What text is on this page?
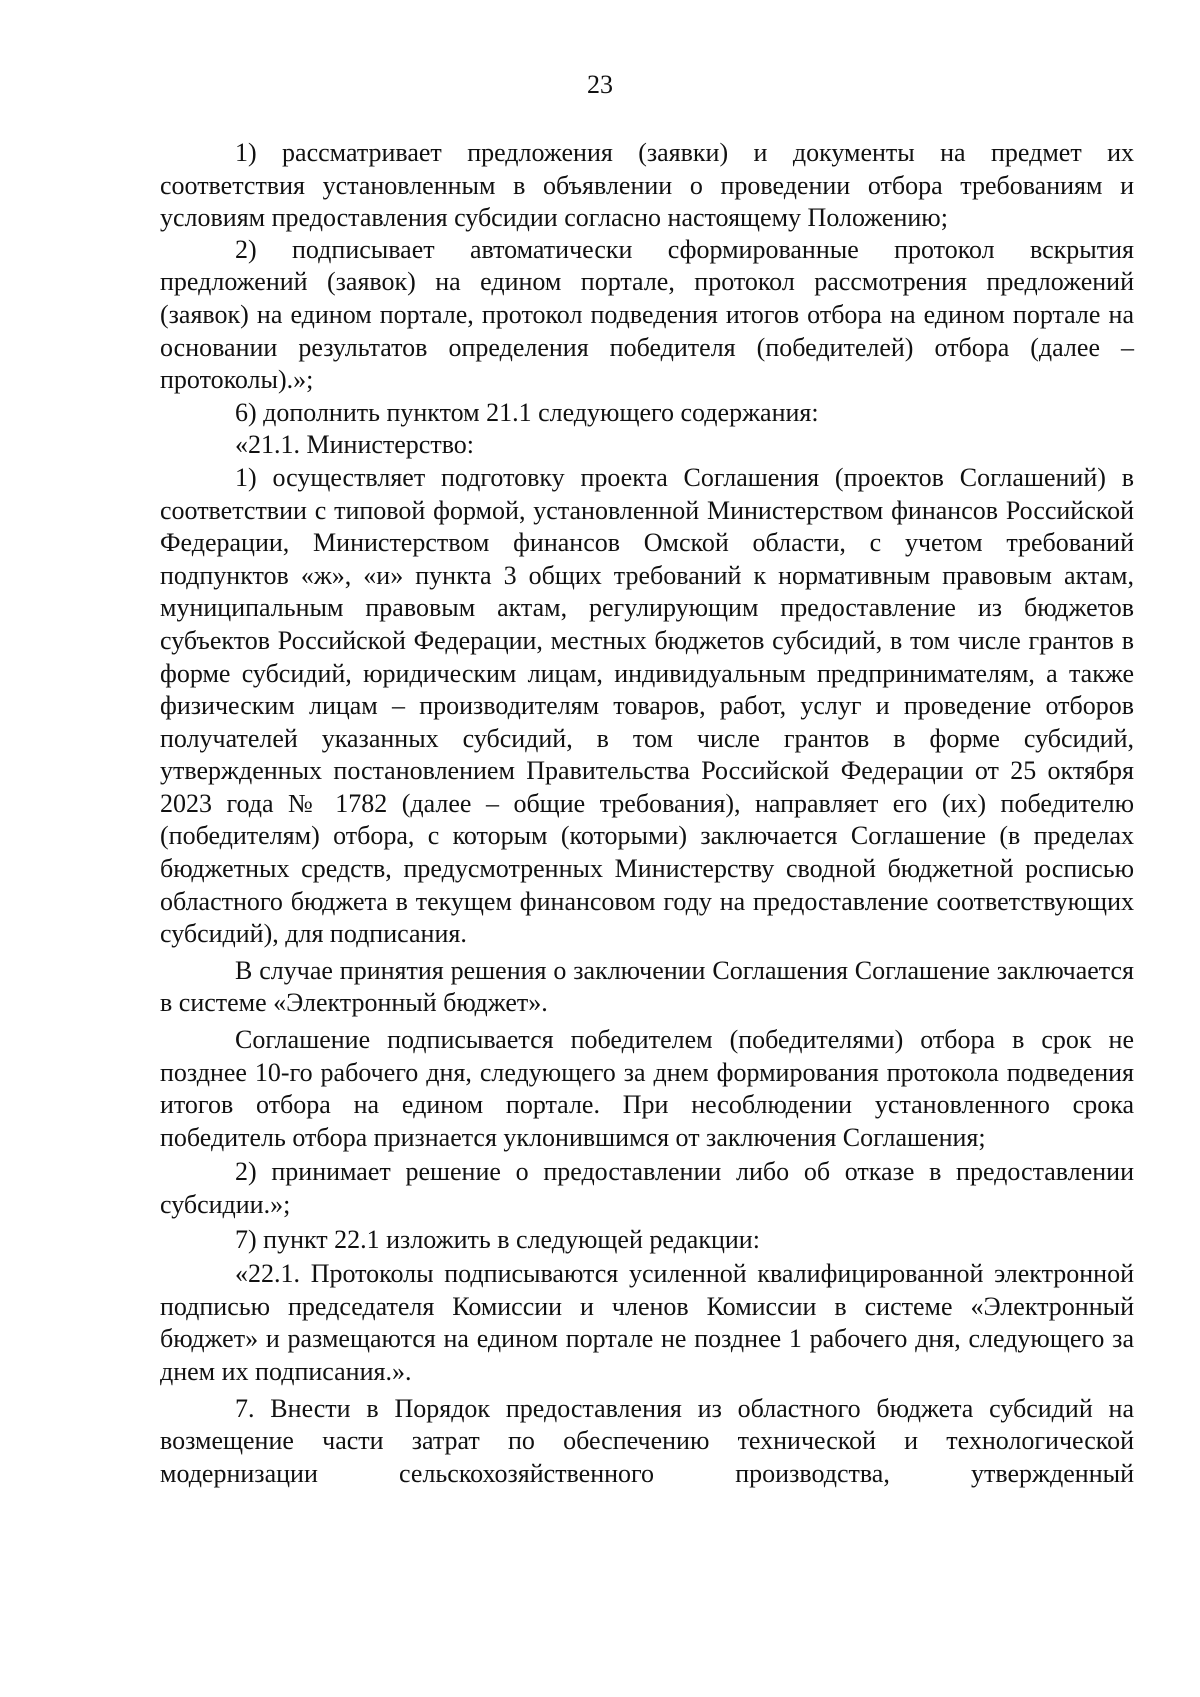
23

1) рассматривает предложения (заявки) и документы на предмет их соответствия установленным в объявлении о проведении отбора требованиям и условиям предоставления субсидии согласно настоящему Положению;

2) подписывает автоматически сформированные протокол вскрытия предложений (заявок) на едином портале, протокол рассмотрения предложений (заявок) на едином портале, протокол подведения итогов отбора на едином портале на основании результатов определения победителя (победителей) отбора (далее – протоколы).»;

6) дополнить пунктом 21.1 следующего содержания:

«21.1. Министерство:

1) осуществляет подготовку проекта Соглашения (проектов Соглашений) в соответствии с типовой формой, установленной Министерством финансов Российской Федерации, Министерством финансов Омской области, с учетом требований подпунктов «ж», «и» пункта 3 общих требований к нормативным правовым актам, муниципальным правовым актам, регулирующим предоставление из бюджетов субъектов Российской Федерации, местных бюджетов субсидий, в том числе грантов в форме субсидий, юридическим лицам, индивидуальным предпринимателям, а также физическим лицам – производителям товаров, работ, услуг и проведение отборов получателей указанных субсидий, в том числе грантов в форме субсидий, утвержденных постановлением Правительства Российской Федерации от 25 октября 2023 года № 1782 (далее – общие требования), направляет его (их) победителю (победителям) отбора, с которым (которыми) заключается Соглашение (в пределах бюджетных средств, предусмотренных Министерству сводной бюджетной росписью областного бюджета в текущем финансовом году на предоставление соответствующих субсидий), для подписания.

В случае принятия решения о заключении Соглашения Соглашение заключается в системе «Электронный бюджет».

Соглашение подписывается победителем (победителями) отбора в срок не позднее 10-го рабочего дня, следующего за днем формирования протокола подведения итогов отбора на едином портале. При несоблюдении установленного срока победитель отбора признается уклонившимся от заключения Соглашения;

2) принимает решение о предоставлении либо об отказе в предоставлении субсидии.»;

7) пункт 22.1 изложить в следующей редакции:

«22.1. Протоколы подписываются усиленной квалифицированной электронной подписью председателя Комиссии и членов Комиссии в системе «Электронный бюджет» и размещаются на едином портале не позднее 1 рабочего дня, следующего за днем их подписания.».

7. Внести в Порядок предоставления из областного бюджета субсидий на возмещение части затрат по обеспечению технической и технологической модернизации сельскохозяйственного производства, утвержденный
